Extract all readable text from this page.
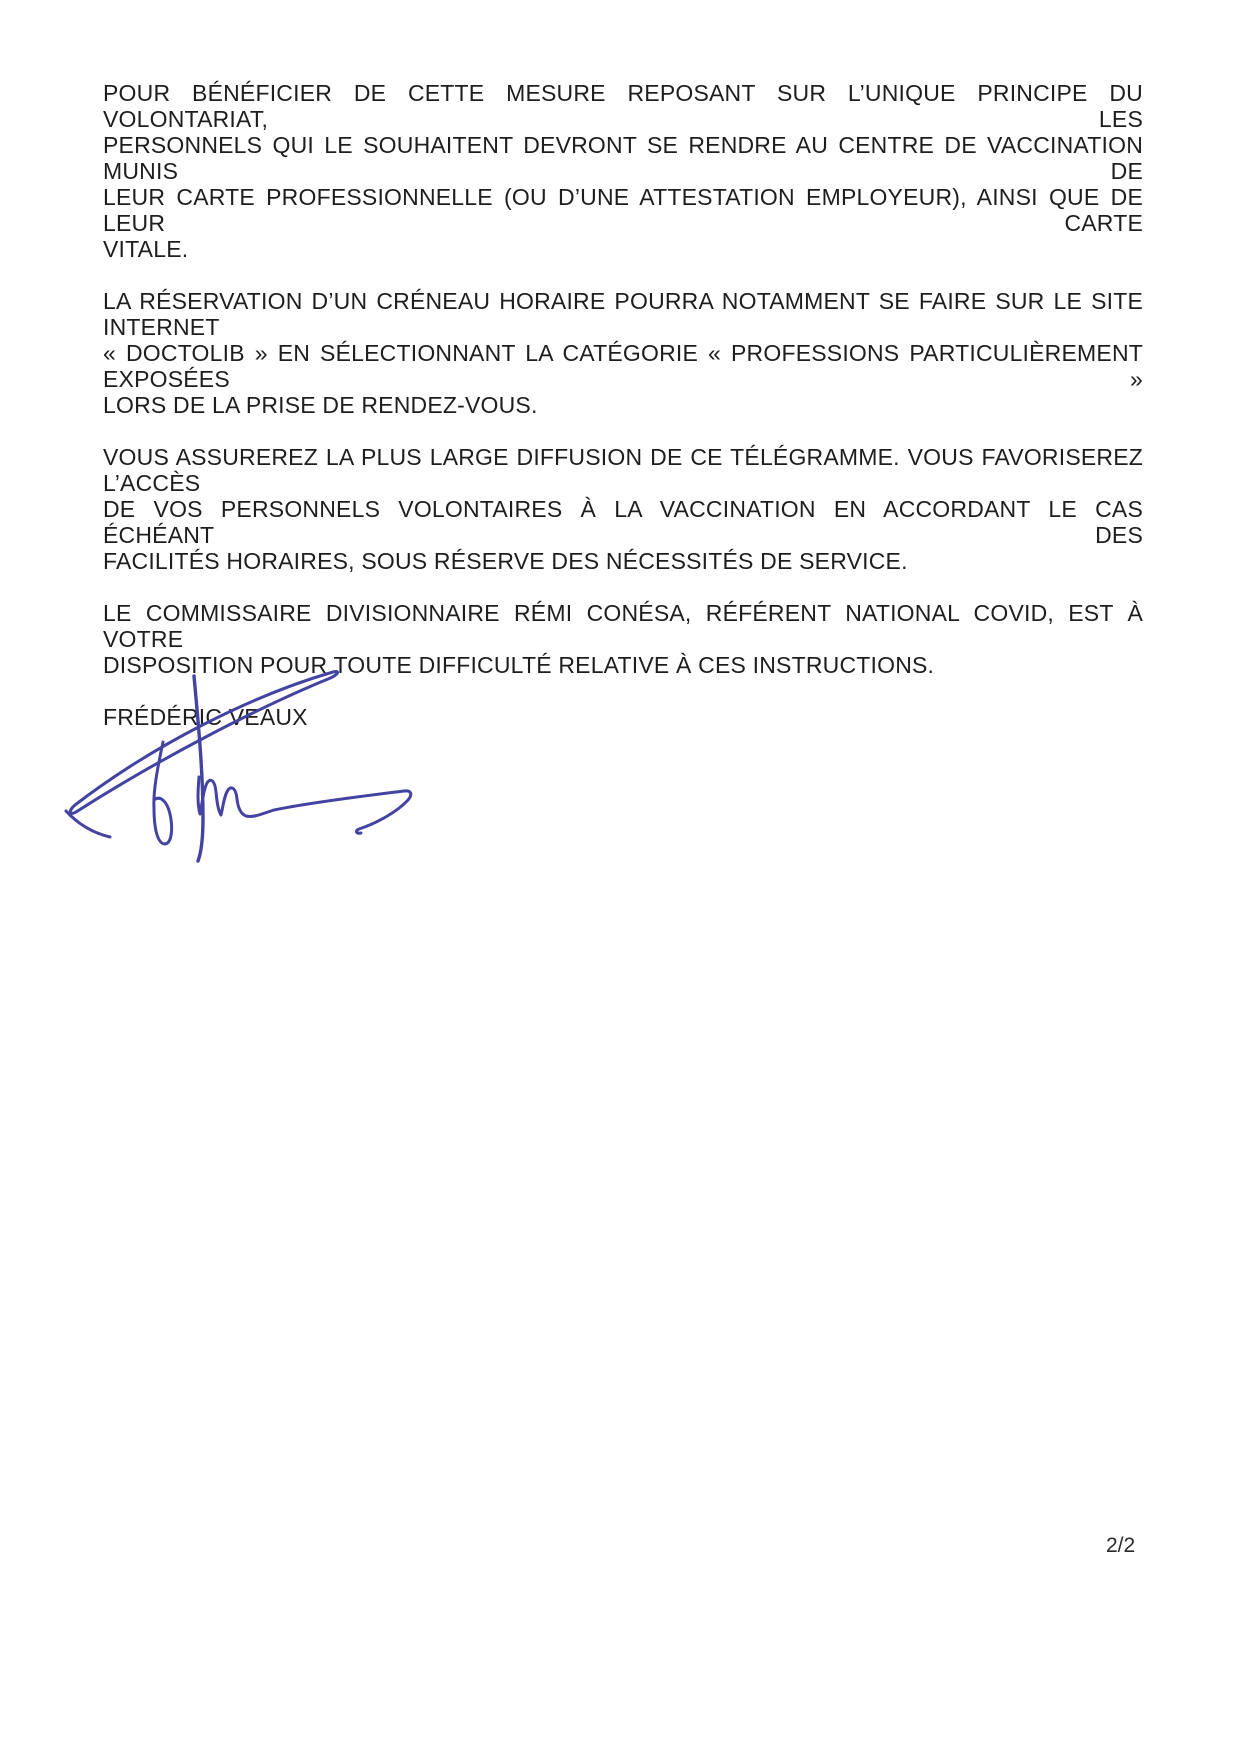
POUR BÉNÉFICIER DE CETTE MESURE REPOSANT SUR L’UNIQUE PRINCIPE DU VOLONTARIAT, LES
PERSONNELS QUI LE SOUHAITENT DEVRONT SE RENDRE AU CENTRE DE VACCINATION MUNIS DE
LEUR CARTE PROFESSIONNELLE (OU D’UNE ATTESTATION EMPLOYEUR), AINSI QUE DE LEUR CARTE
VITALE.
LA RÉSERVATION D’UN CRÉNEAU HORAIRE POURRA NOTAMMENT SE FAIRE SUR LE SITE INTERNET
« DOCTOLIB » EN SÉLECTIONNANT LA CATÉGORIE « PROFESSIONS PARTICULIÈREMENT EXPOSÉES »
LORS DE LA PRISE DE RENDEZ-VOUS.
VOUS ASSUREREZ LA PLUS LARGE DIFFUSION DE CE TÉLÉGRAMME. VOUS FAVORISEREZ L’ACCÈS
DE VOS PERSONNELS VOLONTAIRES À LA VACCINATION EN ACCORDANT LE CAS ÉCHÉANT DES
FACILITÉS HORAIRES, SOUS RÉSERVE DES NÉCESSITÉS DE SERVICE.
LE COMMISSAIRE DIVISIONNAIRE RÉMI CONÉSA, RÉFÉRENT NATIONAL COVID, EST À VOTRE
DISPOSITION POUR TOUTE DIFFICULTÉ RELATIVE À CES INSTRUCTIONS.
FRÉDÉRIC VEAUX
2/2
